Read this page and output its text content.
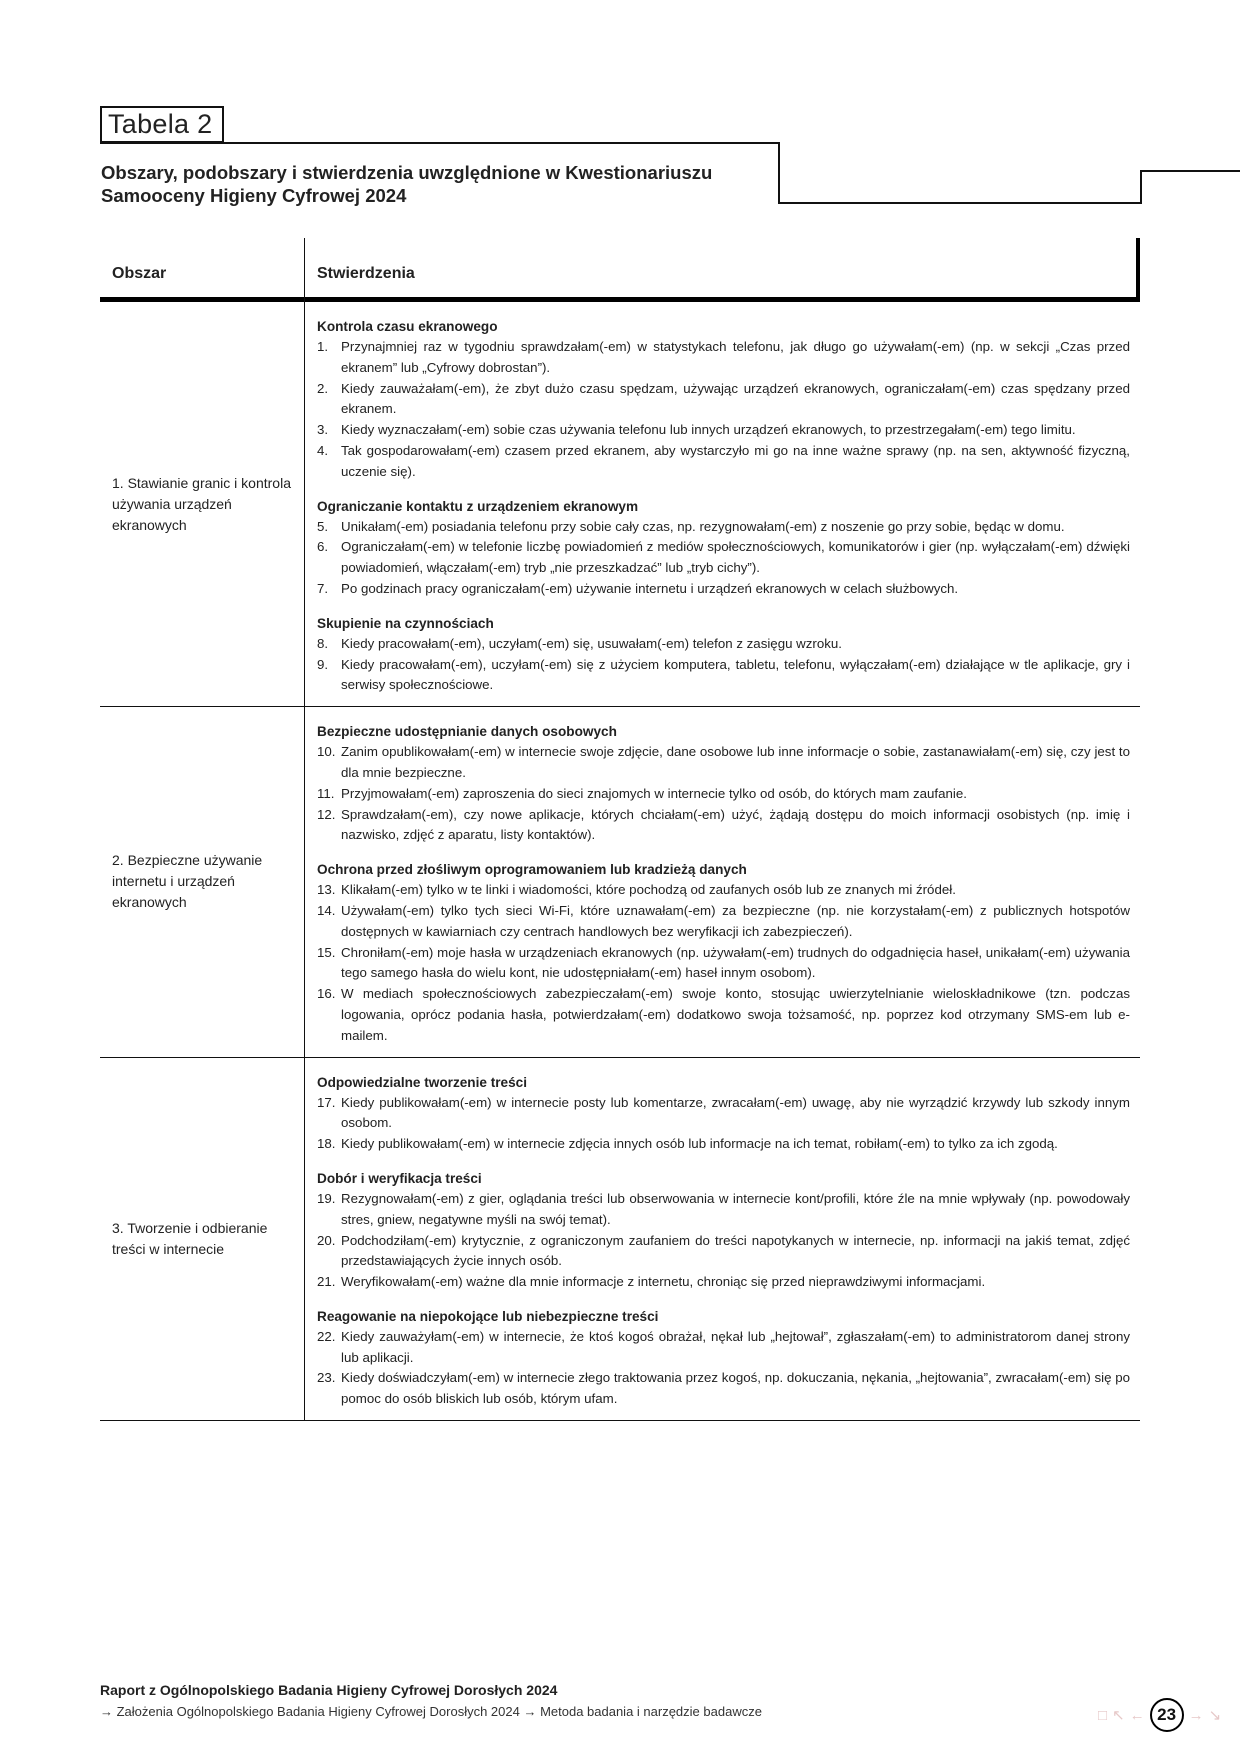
Tabela 2
Obszary, podobszary i stwierdzenia uwzględnione w Kwestionariuszu Samooceny Higieny Cyfrowej 2024
Obszar	Stwierdzenia
1. Stawianie granic i kontrola używania urządzeń ekranowych
Kontrola czasu ekranowego
1. Przynajmniej raz w tygodniu sprawdzałam(-em) w statystykach telefonu, jak długo go używałam(-em) (np. w sekcji „Czas przed ekranem” lub „Cyfrowy dobrostan”).
2. Kiedy zauważałam(-em), że zbyt dużo czasu spędzam, używając urządzeń ekranowych, ograniczałam(-em) czas spędzany przed ekranem.
3. Kiedy wyznaczałam(-em) sobie czas używania telefonu lub innych urządzeń ekranowych, to przestrzegałam(-em) tego limitu.
4. Tak gospodarowałam(-em) czasem przed ekranem, aby wystarczyło mi go na inne ważne sprawy (np. na sen, aktywność fizyczną, uczenie się).
Ograniczanie kontaktu z urządzeniem ekranowym
5. Unikałam(-em) posiadania telefonu przy sobie cały czas, np. rezygnowałam(-em) z noszenie go przy sobie, będąc w domu.
6. Ograniczałam(-em) w telefonie liczbę powiadomień z mediów społecznościowych, komunikatorów i gier (np. wyłączałam(-em) dźwięki powiadomień, włączałam(-em) tryb „nie przeszkadzać” lub „tryb cichy”).
7. Po godzinach pracy ograniczałam(-em) używanie internetu i urządzeń ekranowych w celach służbowych.
Skupienie na czynnościach
8. Kiedy pracowałam(-em), uczyłam(-em) się, usuwałam(-em) telefon z zasięgu wzroku.
9. Kiedy pracowałam(-em), uczyłam(-em) się z użyciem komputera, tabletu, telefonu, wyłączałam(-em) działające w tle aplikacje, gry i serwisy społecznościowe.
2. Bezpieczne używanie internetu i urządzeń ekranowych
Bezpieczne udostępnianie danych osobowych
10. Zanim opublikowałam(-em) w internecie swoje zdjęcie, dane osobowe lub inne informacje o sobie, zastanawiałam(-em) się, czy jest to dla mnie bezpieczne.
11. Przyjmowałam(-em) zaproszenia do sieci znajomych w internecie tylko od osób, do których mam zaufanie.
12. Sprawdzałam(-em), czy nowe aplikacje, których chciałam(-em) użyć, żądają dostępu do moich informacji osobistych (np. imię i nazwisko, zdjęć z aparatu, listy kontaktów).
Ochrona przed złośliwym oprogramowaniem lub kradzieżą danych
13. Klikałam(-em) tylko w te linki i wiadomości, które pochodzą od zaufanych osób lub ze znanych mi źródeł.
14. Używałam(-em) tylko tych sieci Wi-Fi, które uznawałam(-em) za bezpieczne (np. nie korzystałam(-em) z publicznych hotspotów dostępnych w kawiarniach czy centrach handlowych bez weryfikacji ich zabezpieczeń).
15. Chroniłam(-em) moje hasła w urządzeniach ekranowych (np. używałam(-em) trudnych do odgadnięcia haseł, unikałam(-em) używania tego samego hasła do wielu kont, nie udostępniałam(-em) haseł innym osobom).
16. W mediach społecznościowych zabezpieczałam(-em) swoje konto, stosując uwierzytelnianie wieloskładnikowe (tzn. podczas logowania, oprócz podania hasła, potwierdzałam(-em) dodatkowo swoja tożsamość, np. poprzez kod otrzymany SMS-em lub e-mailem.
3. Tworzenie i odbieranie treści w internecie
Odpowiedzialne tworzenie treści
17. Kiedy publikowałam(-em) w internecie posty lub komentarze, zwracałam(-em) uwagę, aby nie wyrządzić krzywdy lub szkody innym osobom.
18. Kiedy publikowałam(-em) w internecie zdjęcia innych osób lub informacje na ich temat, robiłam(-em) to tylko za ich zgodą.
Dobór i weryfikacja treści
19. Rezygnowałam(-em) z gier, oglądania treści lub obserwowania w internecie kont/profili, które źle na mnie wpływały (np. powodowały stres, gniew, negatywne myśli na swój temat).
20. Podchodziłam(-em) krytycznie, z ograniczonym zaufaniem do treści napotykanych w internecie, np. informacji na jakiś temat, zdjęć przedstawiających życie innych osób.
21. Weryfikowałam(-em) ważne dla mnie informacje z internetu, chroniąc się przed nieprawdziwymi informacjami.
Reagowanie na niepokojące lub niebezpieczne treści
22. Kiedy zauważyłam(-em) w internecie, że ktoś kogoś obrażał, nękał lub „hejtował”, zgłaszałam(-em) to administratorom danej strony lub aplikacji.
23. Kiedy doświadczyłam(-em) w internecie złego traktowania przez kogoś, np. dokuczania, nękania, „hejtowania”, zwracałam(-em) się po pomoc do osób bliskich lub osób, którym ufam.
Raport z Ogólnopolskiego Badania Higieny Cyfrowej Dorosłych 2024
→ Założenia Ogólnopolskiego Badania Higieny Cyfrowej Dorosłych 2024 → Metoda badania i narzędzie badawcze	□ ↖ ← 23 → ↘
